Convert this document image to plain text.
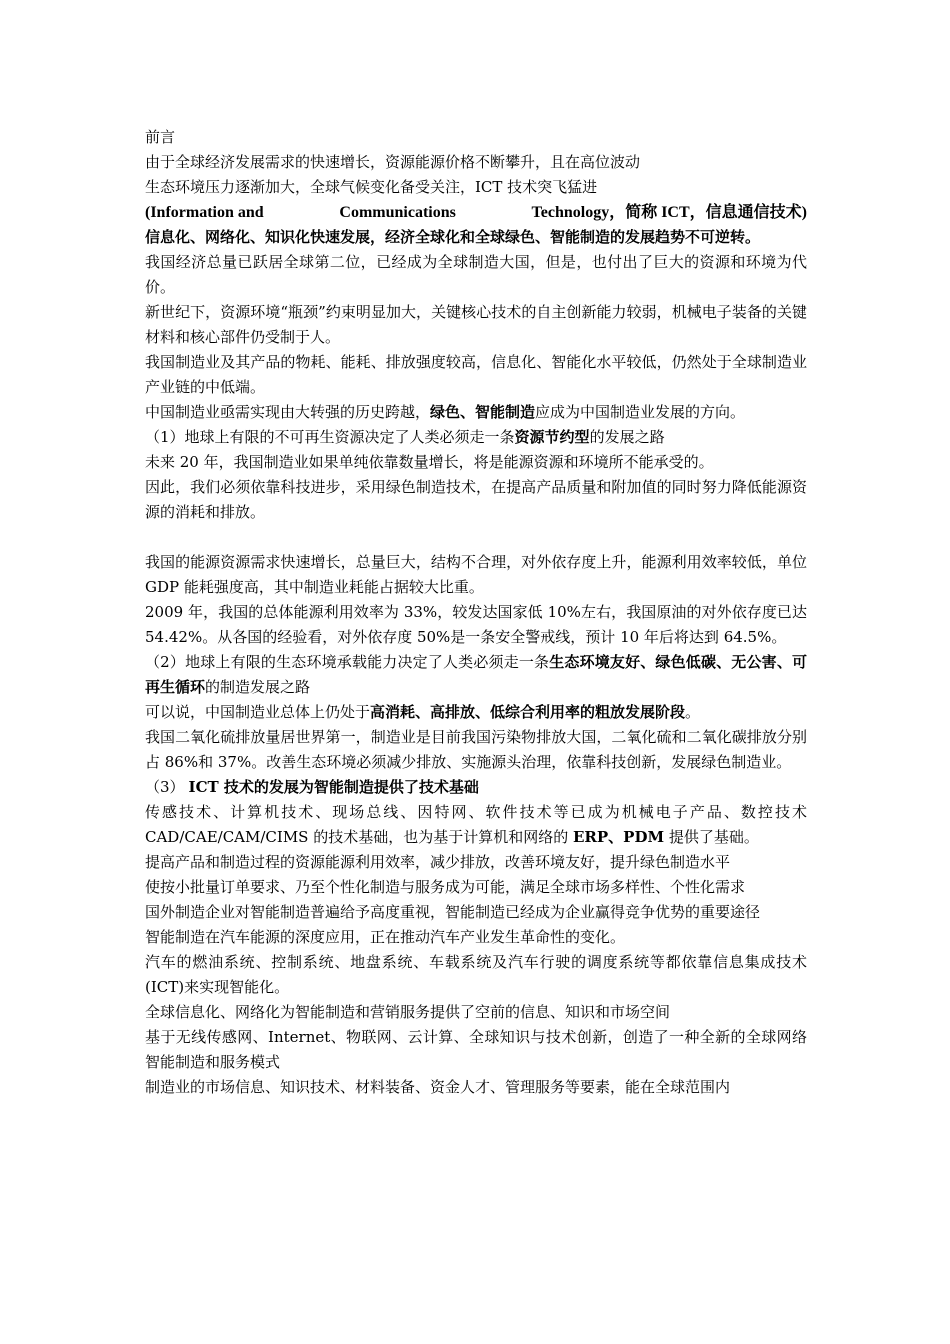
前言

由于全球经济发展需求的快速增长，资源能源价格不断攀升，且在高位波动

生态环境压力逐渐加大，全球气候变化备受关注，ICT 技术突飞猛进

(Information and	Communications	Technology，简称 ICT，信息通信技术)

信息化、网络化、知识化快速发展，经济全球化和全球绿色、智能制造的发展趋势不可逆转。

我国经济总量已跃居全球第二位，已经成为全球制造大国，但是，也付出了巨大的资源和环境为代价。

新世纪下，资源环境“瓶颈”约束明显加大，关键核心技术的自主创新能力较弱，机械电子装备的关键材料和核心部件仍受制于人。

我国制造业及其产品的物耗、能耗、排放强度较高，信息化、智能化水平较低，仍然处于全球制造业产业链的中低端。

中国制造业亟需实现由大转强的历史跨越，绿色、智能制造应成为中国制造业发展的方向。

（1）地球上有限的不可再生资源决定了人类必须走一条资源节约型的发展之路

未来 20 年，我国制造业如果单纯依靠数量增长，将是能源资源和环境所不能承受的。

因此，我们必须依靠科技进步，采用绿色制造技术，在提高产品质量和附加值的同时努力降低能源资源的消耗和排放。

我国的能源资源需求快速增长，总量巨大，结构不合理，对外依存度上升，能源利用效率较低，单位 GDP 能耗强度高，其中制造业耗能占据较大比重。

2009 年，我国的总体能源利用效率为 33%，较发达国家低 10%左右，我国原油的对外依存度已达 54.42%。从各国的经验看，对外依存度 50%是一条安全警戒线，预计 10 年后将达到 64.5%。

（2）地球上有限的生态环境承载能力决定了人类必须走一条生态环境友好、绿色低碳、无公害、可再生循环的制造发展之路

可以说，中国制造业总体上仍处于高消耗、高排放、低综合利用率的粗放发展阶段。

我国二氧化硫排放量居世界第一，制造业是目前我国污染物排放大国，二氧化硫和二氧化碳排放分别占 86%和 37%。改善生态环境必须减少排放、实施源头治理，依靠科技创新，发展绿色制造业。

（3） ICT 技术的发展为智能制造提供了技术基础

传感技术、计算机技术、现场总线、因特网、软件技术等已成为机械电子产品、数控技术 CAD/CAE/CAM/CIMS 的技术基础，也为基于计算机和网络的 ERP、PDM 提供了基础。

提高产品和制造过程的资源能源利用效率，减少排放，改善环境友好，提升绿色制造水平

使按小批量订单要求、乃至个性化制造与服务成为可能，满足全球市场多样性、个性化需求

国外制造企业对智能制造普遍给予高度重视，智能制造已经成为企业赢得竞争优势的重要途径

智能制造在汽车能源的深度应用，正在推动汽车产业发生革命性的变化。

汽车的燃油系统、控制系统、地盘系统、车载系统及汽车行驶的调度系统等都依靠信息集成技术(ICT)来实现智能化。

全球信息化、网络化为智能制造和营销服务提供了空前的信息、知识和市场空间

基于无线传感网、Internet、物联网、云计算、全球知识与技术创新，创造了一种全新的全球网络智能制造和服务模式

制造业的市场信息、知识技术、材料装备、资金人才、管理服务等要素，能在全球范围内
